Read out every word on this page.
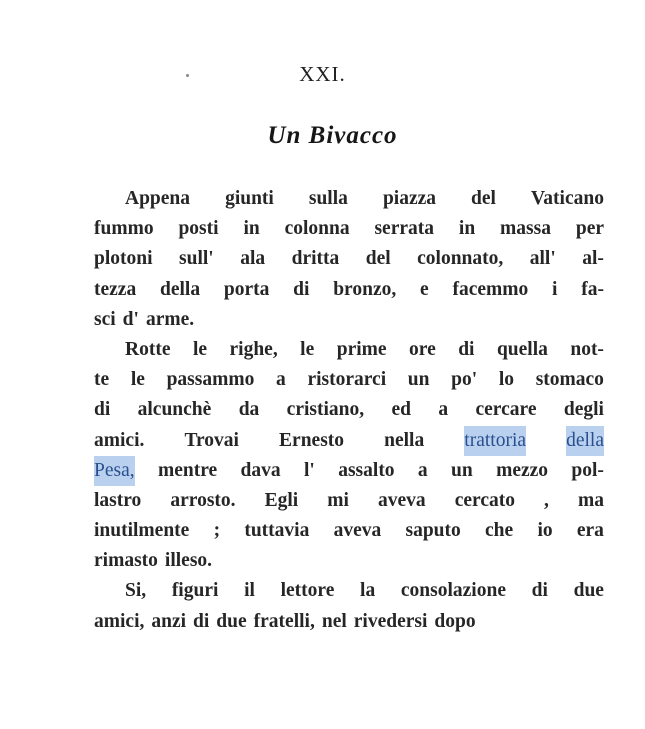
XXI.
Un Bivacco
Appena giunti sulla piazza del Vaticano
fummo posti in colonna serrata in massa per
plotoni sull' ala dritta del colonnato, all' al-
tezza della porta di bronzo, e facemmo i fa-
sci d' arme.
Rotte le righe, le prime ore di quella not-
te le passammo a ristorarci un po' lo stomaco
di alcunchè da cristiano, ed a cercare degli
amici. Trovai Ernesto nella trattoria della
Pesa, mentre dava l' assalto a un mezzo pol-
lastro arrosto. Egli mi aveva cercato , ma
inutilmente ; tuttavia aveva saputo che io era
rimasto illeso.
Si, figuri il lettore la consolazione di due
amici, anzi di due fratelli, nel rivedersi dopo
